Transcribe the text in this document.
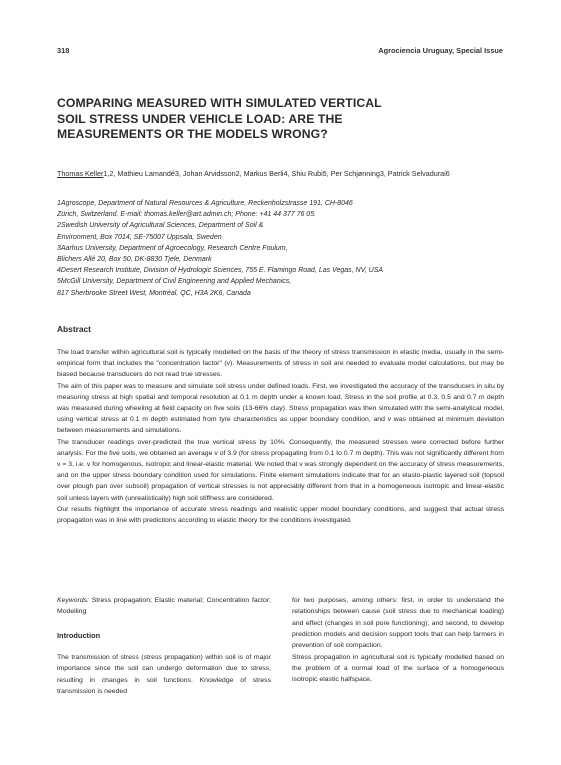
318	Agrociencia Uruguay, Special Issue
COMPARING MEASURED WITH SIMULATED VERTICAL
SOIL STRESS UNDER VEHICLE LOAD: ARE THE
MEASUREMENTS OR THE MODELS WRONG?
Thomas Keller1,2, Mathieu Lamandé3, Johan Arvidsson2, Markus Berli4, Shiu Rubi5, Per Schjønning3, Patrick Selvadurai6
1Agroscope, Department of Natural Resources & Agriculture, Reckenholzstrasse 191, CH-8046
Zürich, Switzerland. E-mail: thomas.keller@art.admin.ch; Phone: +41 44 377 76 05.
2Swedish University of Agricultural Sciences, Department of Soil &
Environment, Box 7014, SE-75007 Uppsala, Sweden
3Aarhus University, Department of Agroecology, Research Centre Foulum,
Blichers Allé 20, Box 50, DK-8830 Tjele, Denmark
4Desert Research Institute, Division of Hydrologic Sciences, 755 E. Flamingo Road, Las Vegas, NV, USA
5McGill University, Department of Civil Engineering and Applied Mechanics,
817 Sherbrooke Street West, Montréal, QC, H3A 2K6, Canada
Abstract

The load transfer within agricultural soil is typically modelled on the basis of the theory of stress transmission in elastic media, usually in the semi-empirical form that includes the "concentration factor" (v). Measurements of stress in soil are needed to evaluate model calculations, but may be biased because transducers do not read true stresses.

The aim of this paper was to measure and simulate soil stress under defined loads. First, we investigated the accuracy of the transducers in situ by measuring stress at high spatial and temporal resolution at 0.1 m depth under a known load. Stress in the soil profile at 0.3, 0.5 and 0.7 m depth was measured during wheeling at field capacity on five soils (13-66% clay). Stress propagation was then simulated with the semi-analytical model, using vertical stress at 0.1 m depth estimated from tyre characteristics as upper boundary condition, and v was obtained at minimum deviation between measurements and simulations.

The transducer readings over-predicted the true vertical stress by 10%. Consequently, the measured stresses were corrected before further analysis. For the five soils, we obtained an average v of 3.9 (for stress propagating from 0.1 to 0.7 m depth). This was not significantly different from v = 3, i.e. v for homogenous, isotropic and linear-elastic material. We noted that v was strongly dependent on the accuracy of stress measurements, and on the upper stress boundary condition used for simulations. Finite element simulations indicate that for an elasto-plastic layered soil (topsoil over plough pan over subsoil) propagation of vertical stresses is not appreciably different from that in a homogeneous isotropic and linear-elastic soil unless layers with (unrealistically) high soil stiffness are considered.

Our results highlight the importance of accurate stress readings and realistic upper model boundary conditions, and suggest that actual stress propagation was in line with predictions according to elastic theory for the conditions investigated.

Keywords: Stress propagation; Elastic material; Concentration factor; Modelling
Introduction

The transmission of stress (stress propagation) within soil is of major importance since the soil can undergo deformation due to stress, resulting in changes in soil functions. Knowledge of stress transmission is needed

for two purposes, among others: first, in order to understand the relationships between cause (soil stress due to mechanical loading) and effect (changes in soil pore functioning); and second, to develop prediction models and decision support tools that can help farmers in prevention of soil compaction.

Stress propagation in agricultural soil is typically modelled based on the problem of a normal load of the surface of a homogeneous isotropic elastic halfspace,
